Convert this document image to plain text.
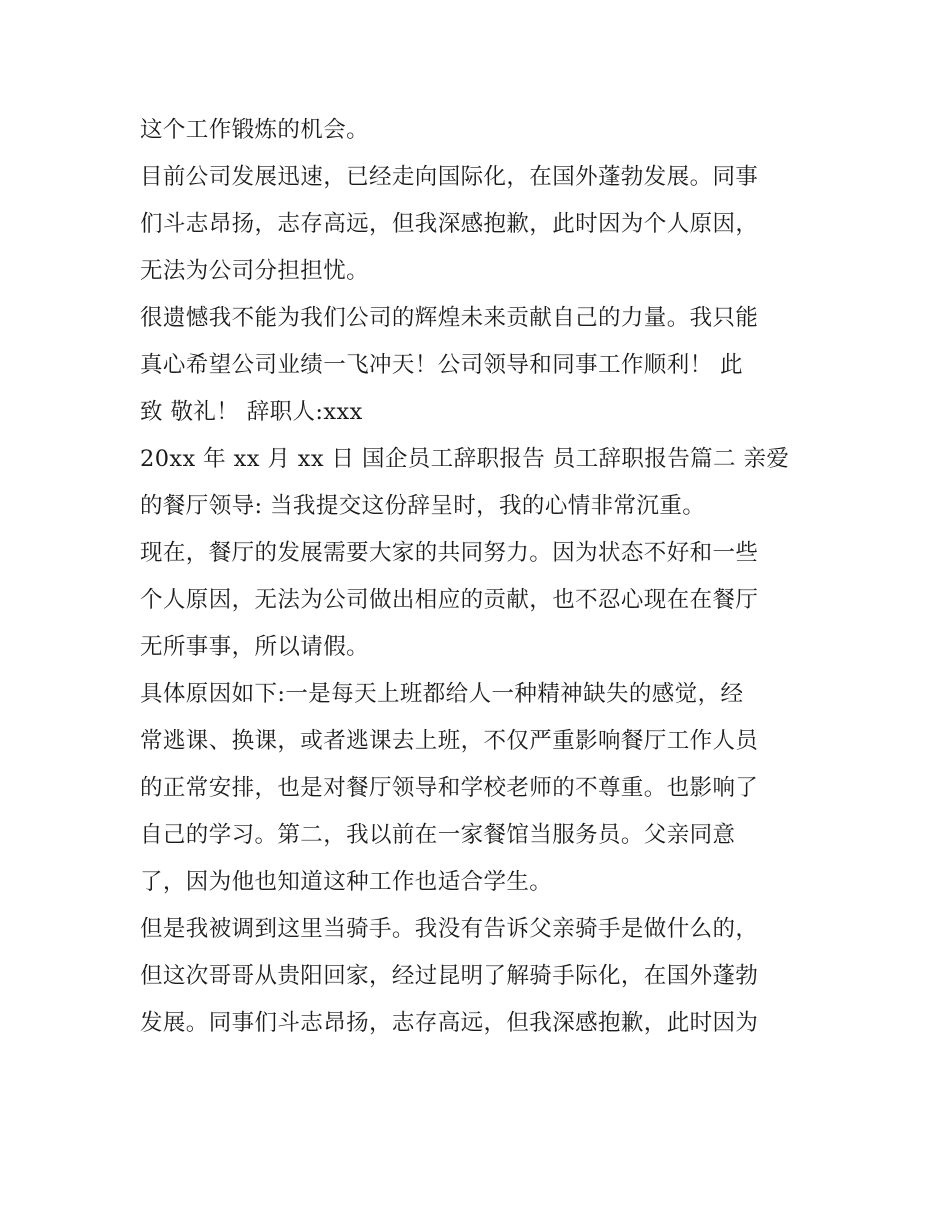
这个工作锻炼的机会。
目前公司发展迅速，已经走向国际化，在国外蓬勃发展。同事
们斗志昂扬，志存高远，但我深感抱歉，此时因为个人原因，
无法为公司分担担忧。
很遗憾我不能为我们公司的辉煌未来贡献自己的力量。我只能
真心希望公司业绩一飞冲天！公司领导和同事工作顺利！ 此
致 敬礼！ 辞职人:xxx
20xx 年 xx 月 xx 日 国企员工辞职报告 员工辞职报告篇二 亲爱
的餐厅领导: 当我提交这份辞呈时，我的心情非常沉重。
现在，餐厅的发展需要大家的共同努力。因为状态不好和一些
个人原因，无法为公司做出相应的贡献，也不忍心现在在餐厅
无所事事，所以请假。
具体原因如下:一是每天上班都给人一种精神缺失的感觉，经
常逃课、换课，或者逃课去上班，不仅严重影响餐厅工作人员
的正常安排，也是对餐厅领导和学校老师的不尊重。也影响了
自己的学习。第二，我以前在一家餐馆当服务员。父亲同意
了，因为他也知道这种工作也适合学生。
但是我被调到这里当骑手。我没有告诉父亲骑手是做什么的，
但这次哥哥从贵阳回家，经过昆明了解骑手际化，在国外蓬勃
发展。同事们斗志昂扬，志存高远，但我深感抱歉，此时因为
